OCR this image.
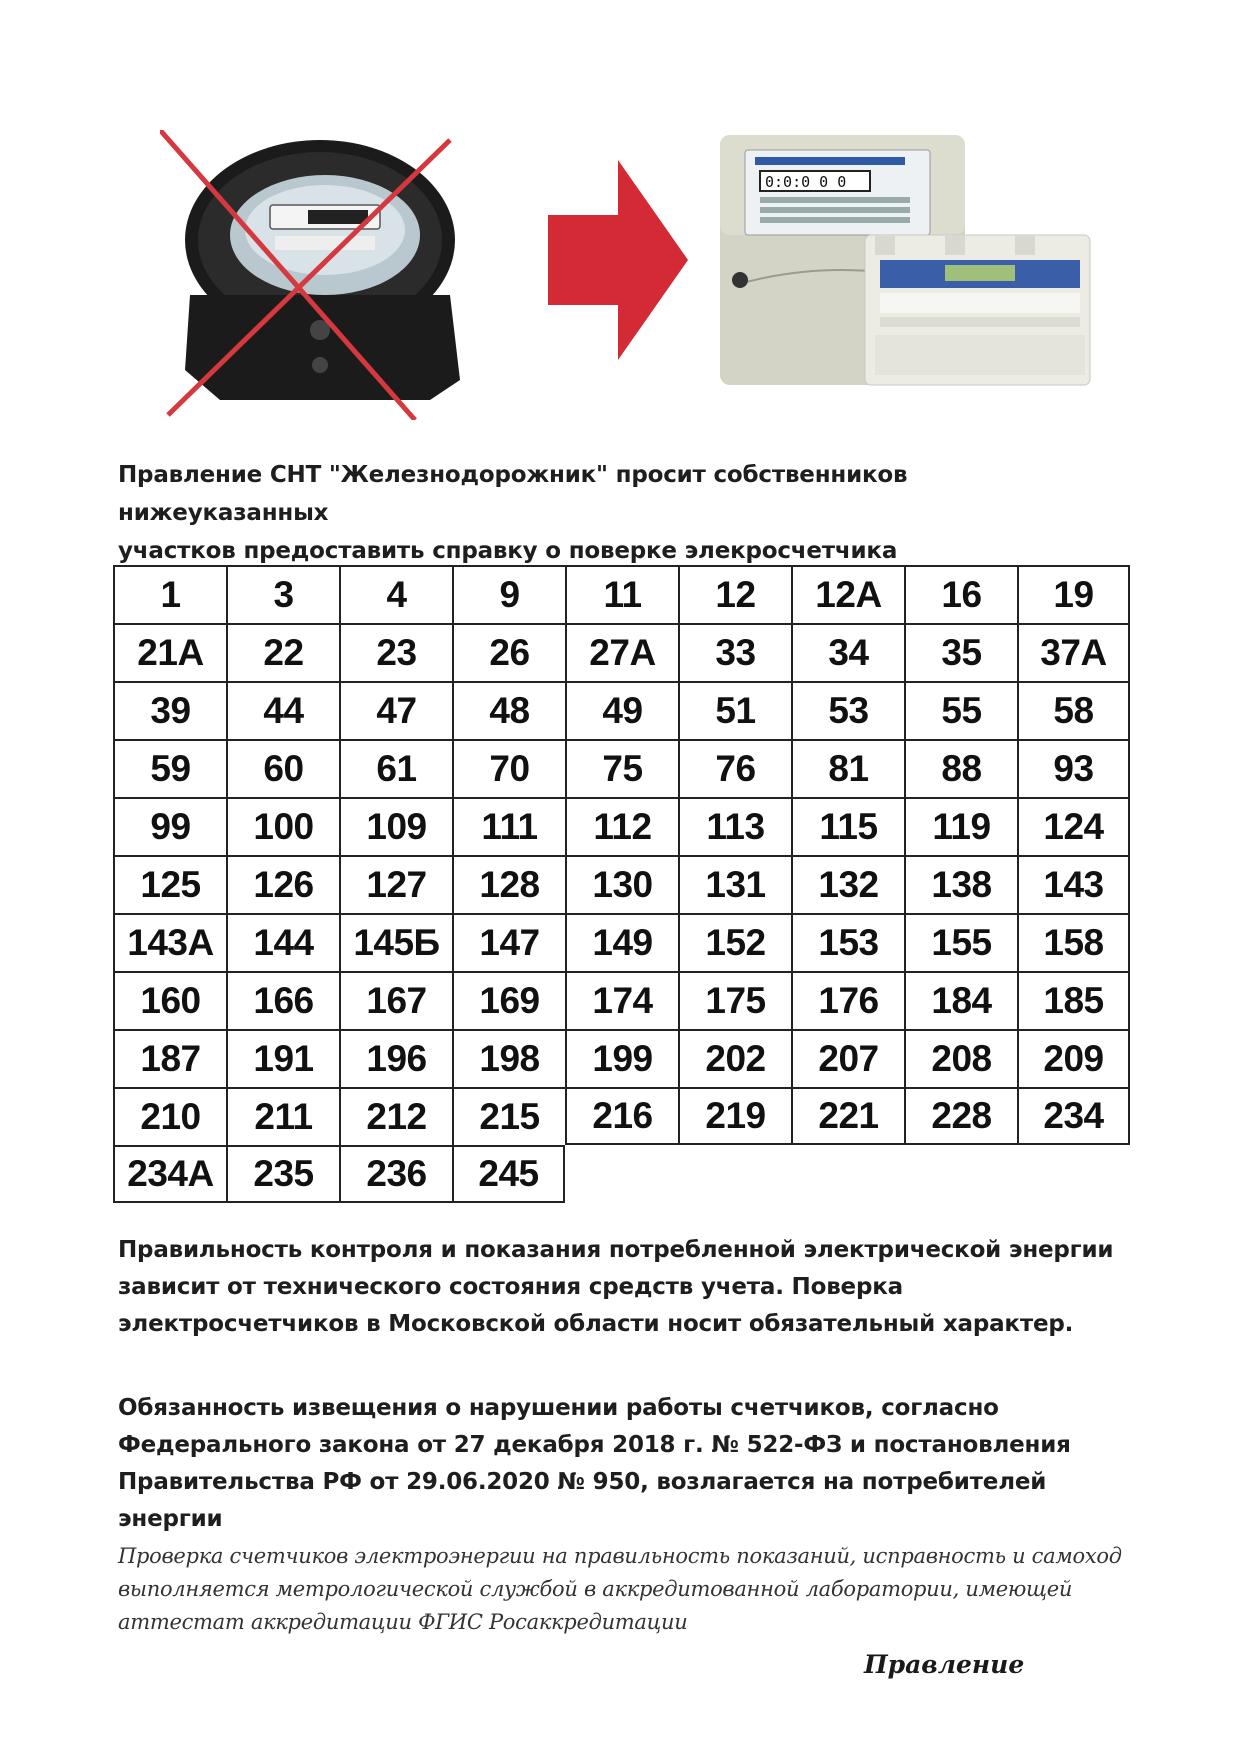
0:0:0 0 0
Правление СНТ "Железнодорожник" просит собственников нижеуказанных
участков предоставить справку о поверке элекросчетчика
1	3	4	9	11	12	12А	16	19
21А	22	23	26	27А	33	34	35	37А
39	44	47	48	49	51	53	55	58
59	60	61	70	75	76	81	88	93
99	100	109	111	112	113	115	119	124
125	126	127	128	130	131	132	138	143
143А	144	145Б	147	149	152	153	155	158
160	166	167	169	174	175	176	184	185
187	191	196	198	199	202	207	208	209
210	211	212	215	216	219	221	228	234
234А	235	236	245
Правильность контроля и показания потребленной электрической энергии
зависит от технического состояния средств учета. Поверка
электросчетчиков в Московской области носит обязательный характер.
Обязанность извещения о нарушении работы счетчиков, согласно
Федерального закона от 27 декабря 2018 г. № 522-ФЗ и постановления
Правительства РФ от 29.06.2020 № 950, возлагается на потребителей
энергии
Проверка счетчиков электроэнергии на правильность показаний, исправность и самоход
выполняется метрологической службой в аккредитованной лаборатории, имеющей
аттестат аккредитации ФГИС Росаккредитации
Правление
